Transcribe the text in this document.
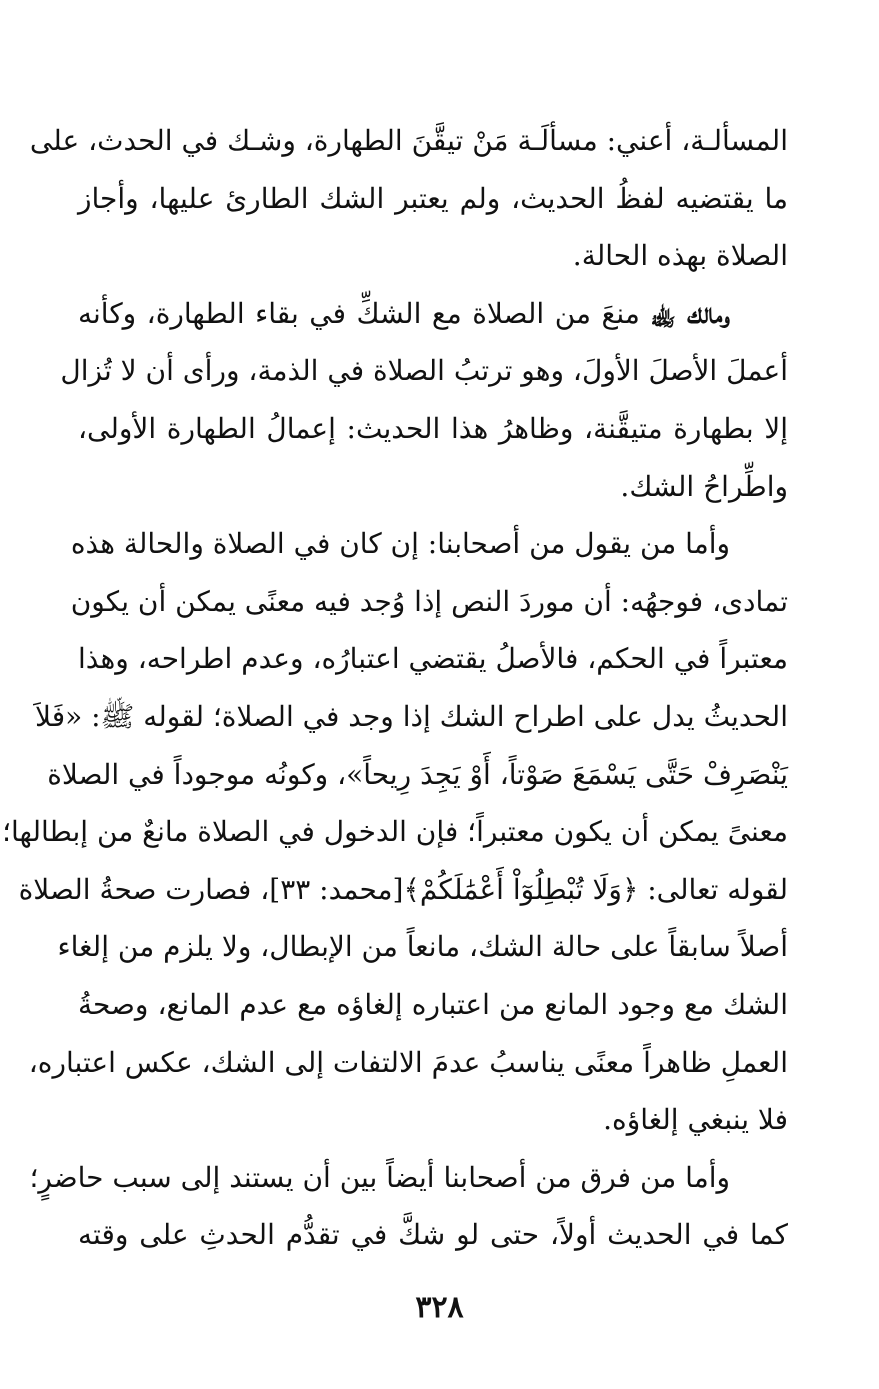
المسألـة، أعني: مسألَـة مَنْ تيقَّنَ الطهارة، وشـك في الحدث، على
ما يقتضيه لفظُ الحديث، ولم يعتبر الشك الطارئ عليها، وأجاز
الصلاة بهذه الحالة.
ومالك ﵀ منعَ من الصلاة مع الشكِّ في بقاء الطهارة، وكأنه
أعملَ الأصلَ الأولَ، وهو ترتبُ الصلاة في الذمة، ورأى أن لا تُزال
إلا بطهارة متيقَّنة، وظاهرُ هذا الحديث: إعمالُ الطهارة الأولى،
واطِّراحُ الشك.
وأما من يقول من أصحابنا: إن كان في الصلاة والحالة هذه
تمادى، فوجهُه: أن موردَ النص إذا وُجد فيه معنًى يمكن أن يكون
معتبراً في الحكم، فالأصلُ يقتضي اعتبارُه، وعدم اطراحه، وهذا
الحديثُ يدل على اطراح الشك إذا وجد في الصلاة؛ لقوله ﷺ: «فَلاَ
يَنْصَرِفْ حَتَّى يَسْمَعَ صَوْتاً، أَوْ يَجِدَ رِيحاً»، وكونُه موجوداً في الصلاة
معنىً يمكن أن يكون معتبراً؛ فإن الدخول في الصلاة مانعٌ من إبطالها؛
لقوله تعالى: ﴿وَلَا تُبْطِلُوٓاْ أَعْمَٰلَكُمْ﴾[محمد: ٣٣]، فصارت صحةُ الصلاة
أصلاً سابقاً على حالة الشك، مانعاً من الإبطال، ولا يلزم من إلغاء
الشك مع وجود المانع من اعتباره إلغاؤه مع عدم المانع، وصحةُ
العملِ ظاهراً معنًى يناسبُ عدمَ الالتفات إلى الشك، عكس اعتباره،
فلا ينبغي إلغاؤه.
وأما من فرق من أصحابنا أيضاً بين أن يستند إلى سبب حاضرٍ؛
كما في الحديث أولاً، حتى لو شكَّ في تقدُّم الحدثِ على وقته
٣٢٨
